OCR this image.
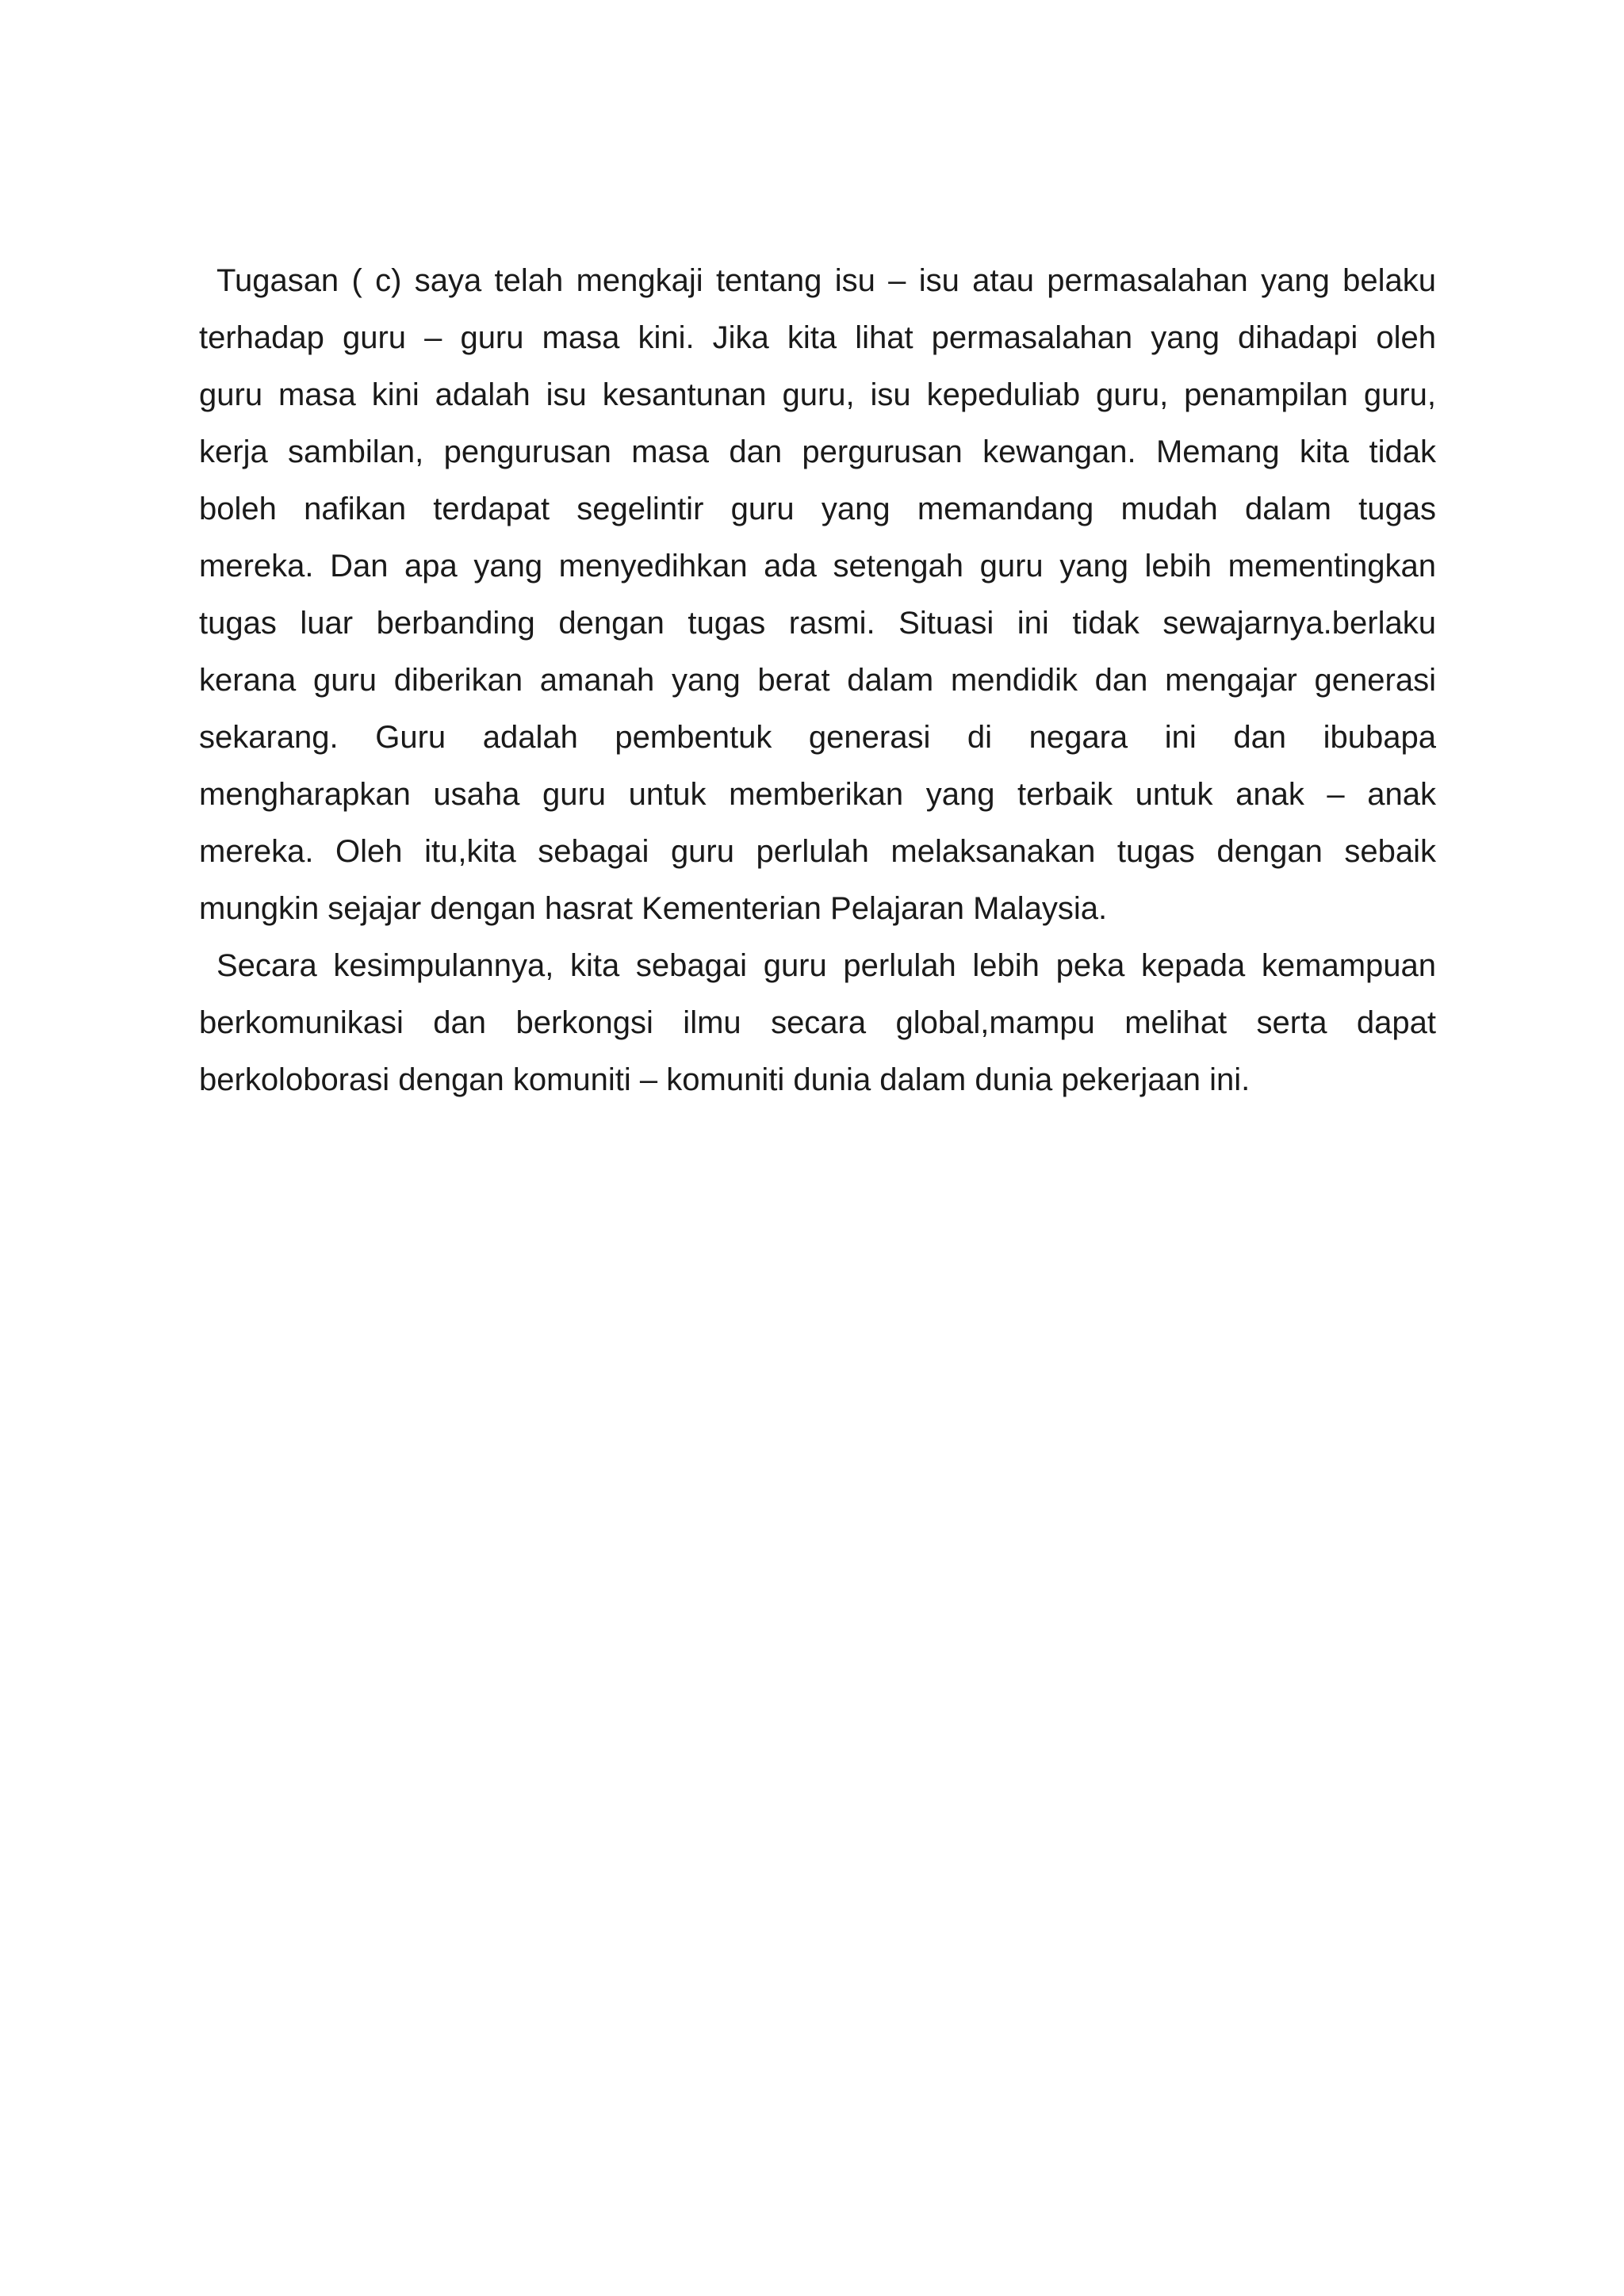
Tugasan ( c) saya telah mengkaji tentang isu – isu atau permasalahan yang belaku
terhadap guru – guru masa kini. Jika kita lihat permasalahan yang dihadapi oleh
guru masa kini adalah isu kesantunan guru, isu kepeduliab guru, penampilan guru,
kerja sambilan, pengurusan masa dan pergurusan kewangan. Memang kita tidak
boleh nafikan terdapat segelintir guru yang memandang mudah dalam tugas
mereka. Dan apa yang menyedihkan ada setengah guru yang lebih mementingkan
tugas luar berbanding dengan tugas rasmi. Situasi ini tidak sewajarnya.berlaku
kerana guru diberikan amanah yang berat dalam mendidik dan mengajar generasi
sekarang. Guru adalah pembentuk generasi di negara ini dan ibubapa
mengharapkan usaha guru untuk memberikan yang terbaik untuk anak – anak
mereka. Oleh itu,kita sebagai guru perlulah melaksanakan tugas dengan sebaik
mungkin sejajar dengan hasrat Kementerian Pelajaran Malaysia.
Secara kesimpulannya, kita sebagai guru perlulah lebih peka kepada kemampuan
berkomunikasi dan berkongsi ilmu secara global,mampu melihat serta dapat
berkoloborasi dengan komuniti – komuniti dunia dalam dunia pekerjaan ini.
